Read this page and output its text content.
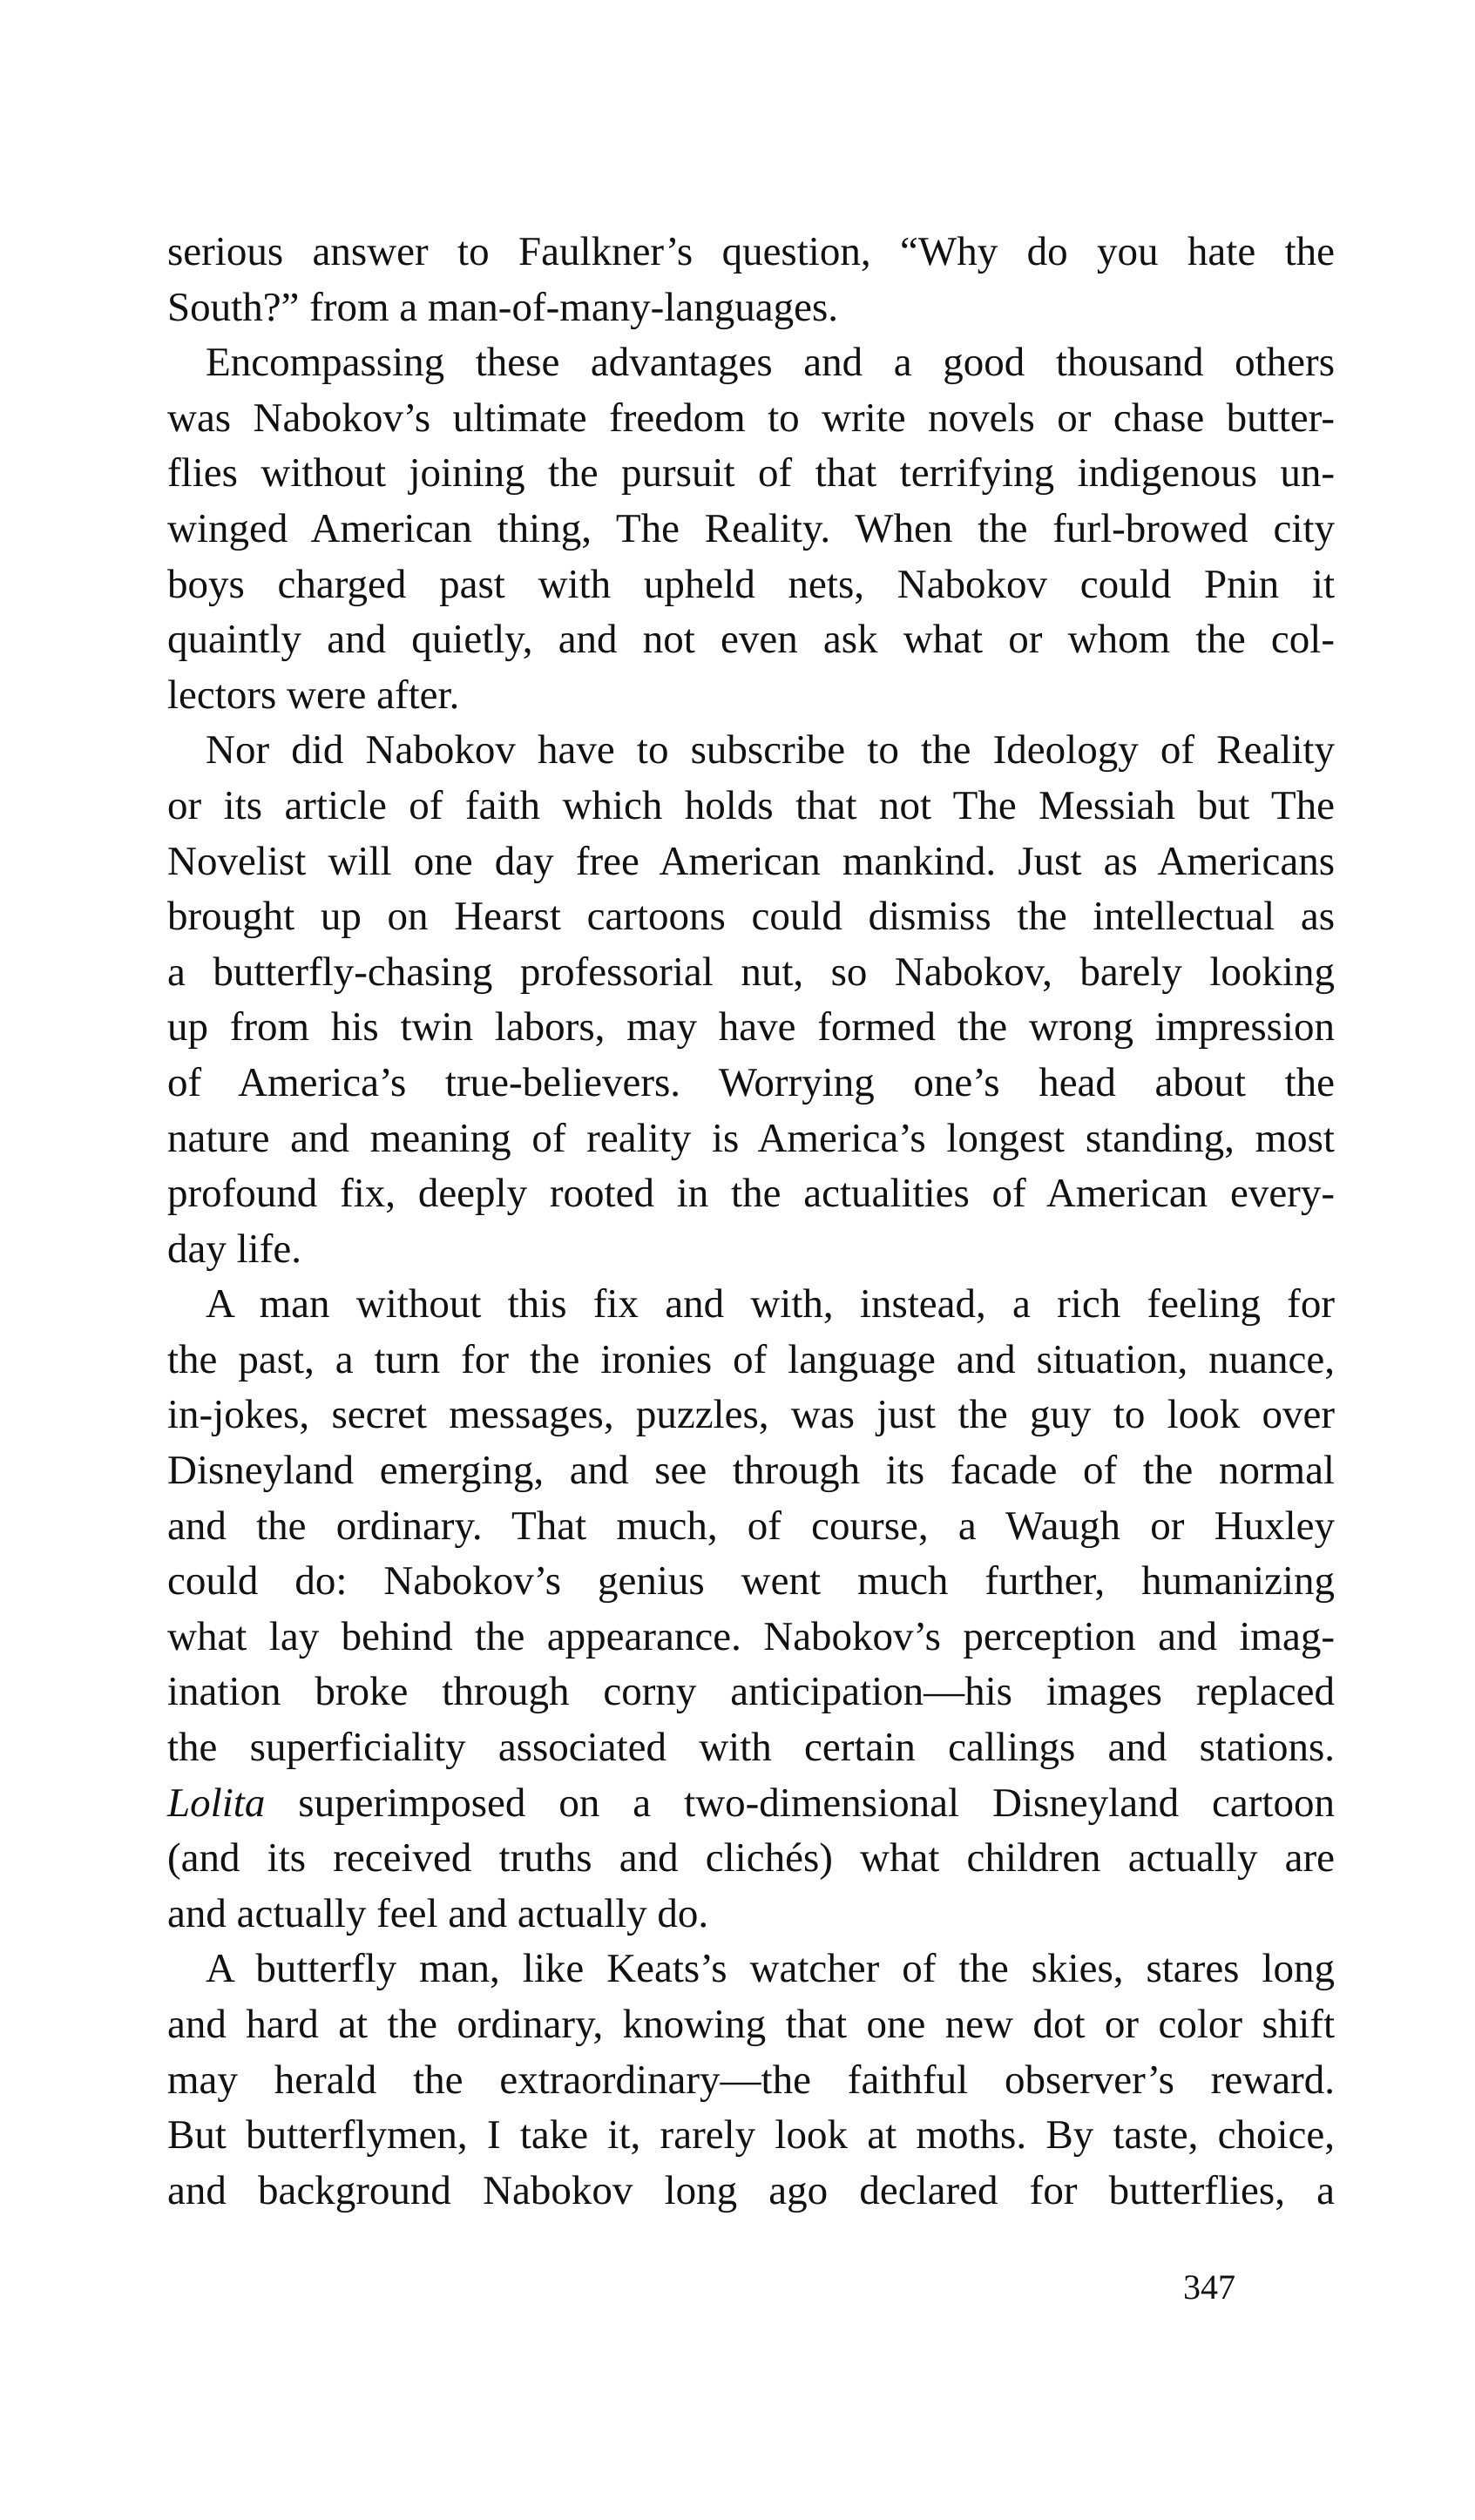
serious answer to Faulkner’s question, “Why do you hate the
South?” from a man-of-many-languages.

Encompassing these advantages and a good thousand others
was Nabokov’s ultimate freedom to write novels or chase butter-
flies without joining the pursuit of that terrifying indigenous un-
winged American thing, The Reality. When the furl-browed city
boys charged past with upheld nets, Nabokov could Pnin it
quaintly and quietly, and not even ask what or whom the col-
lectors were after.

Nor did Nabokov have to subscribe to the Ideology of Reality
or its article of faith which holds that not The Messiah but The
Novelist will one day free American mankind. Just as Americans
brought up on Hearst cartoons could dismiss the intellectual as
a butterfly-chasing professorial nut, so Nabokov, barely looking
up from his twin labors, may have formed the wrong impression
of America’s true-believers. Worrying one’s head about the
nature and meaning of reality is America’s longest standing, most
profound fix, deeply rooted in the actualities of American every-
day life.

A man without this fix and with, instead, a rich feeling for
the past, a turn for the ironies of language and situation, nuance,
in-jokes, secret messages, puzzles, was just the guy to look over
Disneyland emerging, and see through its facade of the normal
and the ordinary. That much, of course, a Waugh or Huxley
could do: Nabokov’s genius went much further, humanizing
what lay behind the appearance. Nabokov’s perception and imag-
ination broke through corny anticipation—his images replaced
the superficiality associated with certain callings and stations.
Lolita superimposed on a two-dimensional Disneyland cartoon
(and its received truths and clichés) what children actually are
and actually feel and actually do.

A butterfly man, like Keats’s watcher of the skies, stares long
and hard at the ordinary, knowing that one new dot or color shift
may herald the extraordinary—the faithful observer’s reward.
But butterflymen, I take it, rarely look at moths. By taste, choice,
and background Nabokov long ago declared for butterflies, a

347
